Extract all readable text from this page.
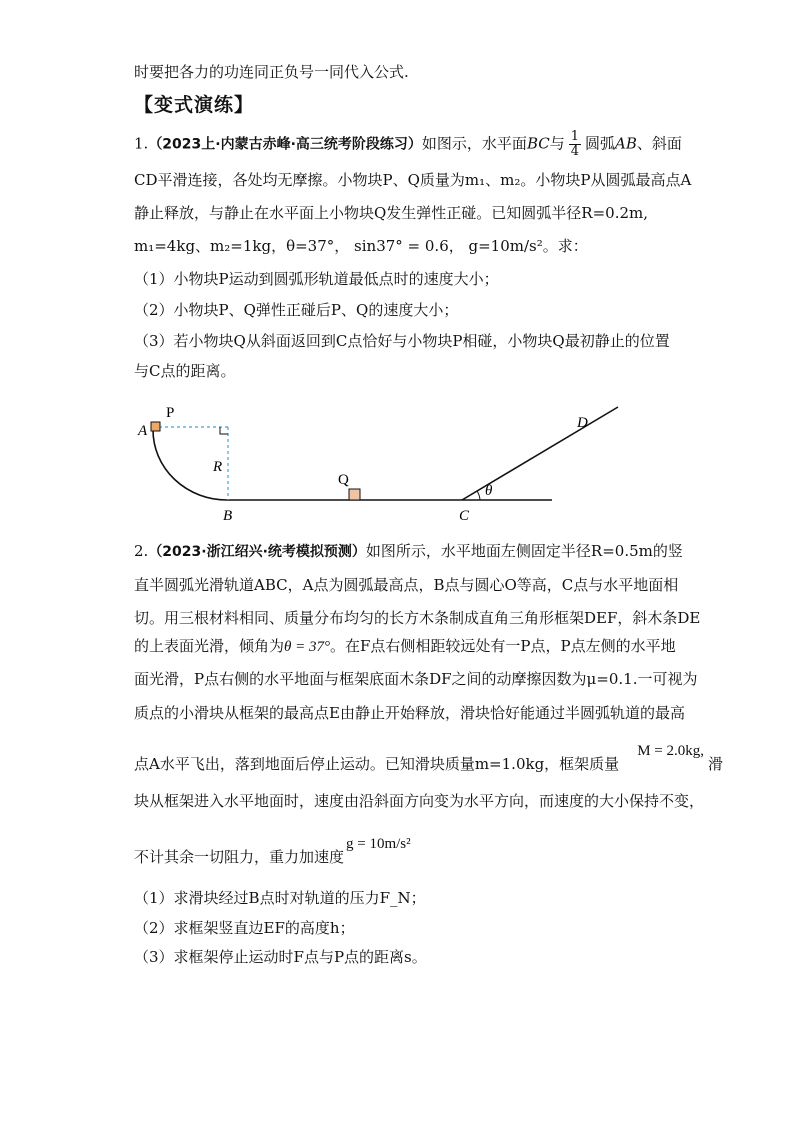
时要把各力的功连同正负号一同代入公式.
【变式演练】
1.（2023上·内蒙古赤峰·高三统考阶段练习）如图示，水平面BC与 $\frac{1}{4}$ 圆弧AB、斜面
CD平滑连接，各处均无摩擦。小物块P、Q质量为m₁、m₂。小物块P从圆弧最高点A
静止释放，与静止在水平面上小物块Q发生弹性正碰。已知圆弧半径R=0.2m,
m₁=4kg、m₂=1kg，θ=37°， sin37° = 0.6， g=10m/s²。求：
（1）小物块P运动到圆弧形轨道最低点时的速度大小；
（2）小物块P、Q弹性正碰后P、Q的速度大小；
（3）若小物块Q从斜面返回到C点恰好与小物块P相碰，小物块Q最初静止的位置
与C点的距离。
P
A
R
B
Q
C
D
θ
2.（2023·浙江绍兴·统考模拟预测）如图所示，水平地面左侧固定半径R=0.5m的竖
直半圆弧光滑轨道ABC，A点为圆弧最高点，B点与圆心O等高，C点与水平地面相
切。用三根材料相同、质量分布均匀的长方木条制成直角三角形框架DEF，斜木条DE
的上表面光滑，倾角为θ = 37°。在F点右侧相距较远处有一P点，P点左侧的水平地
面光滑，P点右侧的水平地面与框架底面木条DF之间的动摩擦因数为μ=0.1.一可视为
质点的小滑块从框架的最高点E由静止开始释放，滑块恰好能通过半圆弧轨道的最高
点A水平飞出，落到地面后停止运动。已知滑块质量m=1.0kg，框架质量M = 2.0kg,滑
块从框架进入水平地面时，速度由沿斜面方向变为水平方向，而速度的大小保持不变，
不计其余一切阻力，重力加速度g = 10m/s²
（1）求滑块经过B点时对轨道的压力F_N；
（2）求框架竖直边EF的高度h；
（3）求框架停止运动时F点与P点的距离s。
